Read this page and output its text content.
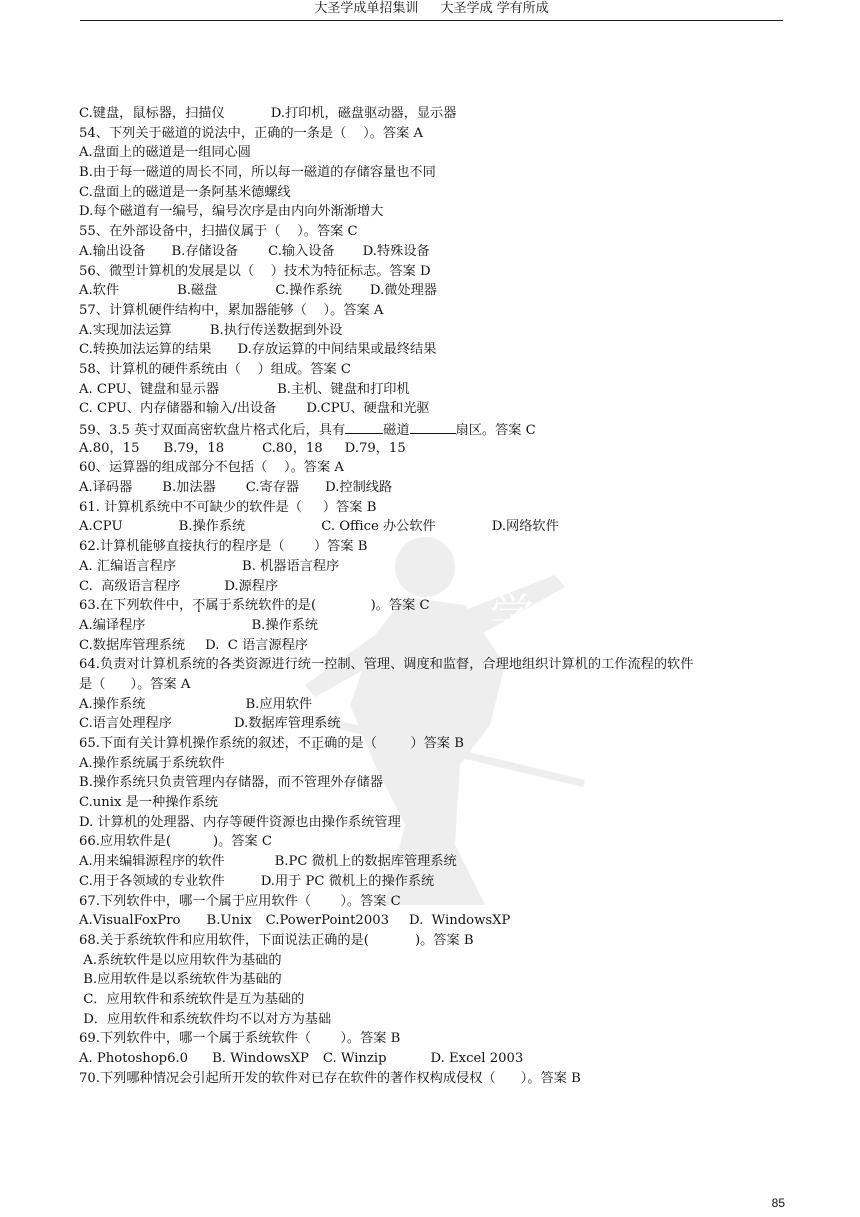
大圣学成单招集训 大圣学成 学有所成
学
成
C.键盘，鼠标器，扫描仪	D.打印机，磁盘驱动器，显示器
54、下列关于磁道的说法中，正确的一条是（    ）。答案 A
A.盘面上的磁道是一组同心圆
B.由于每一磁道的周长不同，所以每一磁道的存储容量也不同
C.盘面上的磁道是一条阿基米德螺线
D.每个磁道有一编号，编号次序是由内向外渐渐增大
55、在外部设备中，扫描仪属于（    ）。答案 C
A.输出设备 B.存储设备 C.输入设备 D.特殊设备
56、微型计算机的发展是以（    ）技术为特征标志。答案 D
A.软件	B.磁盘	C.操作系统 D.微处理器
57、计算机硬件结构中，累加器能够（    ）。答案 A
A.实现加法运算	B.执行传送数据到外设
C.转换加法运算的结果 D.存放运算的中间结果或最终结果
58、计算机的硬件系统由（    ）组成。答案 C
A. CPU、键盘和显示器	B.主机、键盘和打印机
C. CPU、内存储器和输入/出设备 D.CPU、硬盘和光驱
59、3.5 英寸双面高密软盘片格式化后，具有	磁道	扇区。答案 C
A.80，15 B.79，18	C.80，18 D.79，15
60、运算器的组成部分不包括（    ）。答案 A
A.译码器 B.加法器 C.寄存器 D.控制线路
61. 计算机系统中不可缺少的软件是（     ）答案 B
A.CPU	B.操作系统	C. Office 办公软件	D.网络软件
62.计算机能够直接执行的程序是（       ）答案 B
A. 汇编语言程序	B. 机器语言程序
C.  高级语言程序	D.源程序
63.在下列软件中，不属于系统软件的是(             )。答案 C
A.编译程序	B.操作系统
C.数据库管理系统 D.  C 语言源程序
64.负责对计算机系统的各类资源进行统一控制、管理、调度和监督，合理地组织计算机的工作流程的软件
是（      ）。答案 A
A.操作系统	B.应用软件
C.语言处理程序	D.数据库管理系统
65.下面有关计算机操作系统的叙述，不正确的是（        ）答案 B
A.操作系统属于系统软件
B.操作系统只负责管理内存储器，而不管理外存储器
C.unix 是一种操作系统
D. 计算机的处理器、内存等硬件资源也由操作系统管理
66.应用软件是(          )。答案 C
A.用来编辑源程序的软件	B.PC 微机上的数据库管理系统
C.用于各领域的专业软件	D.用于 PC 微机上的操作系统
67.下列软件中，哪一个属于应用软件（       ）。答案 C
A.VisualFoxPro B.Unix C.PowerPoint2003 D.  WindowsXP
68.关于系统软件和应用软件，下面说法正确的是(           )。答案 B
A.系统软件是以应用软件为基础的
B.应用软件是以系统软件为基础的
C．应用软件和系统软件是互为基础的
D．应用软件和系统软件均不以对方为基础
69.下列软件中，哪一个属于系统软件（       ）。答案 B
A. Photoshop6.0 B. WindowsXP C. Winzip	D. Excel 2003
70.下列哪种情况会引起所开发的软件对已存在软件的著作权构成侵权（      ）。答案 B
85
